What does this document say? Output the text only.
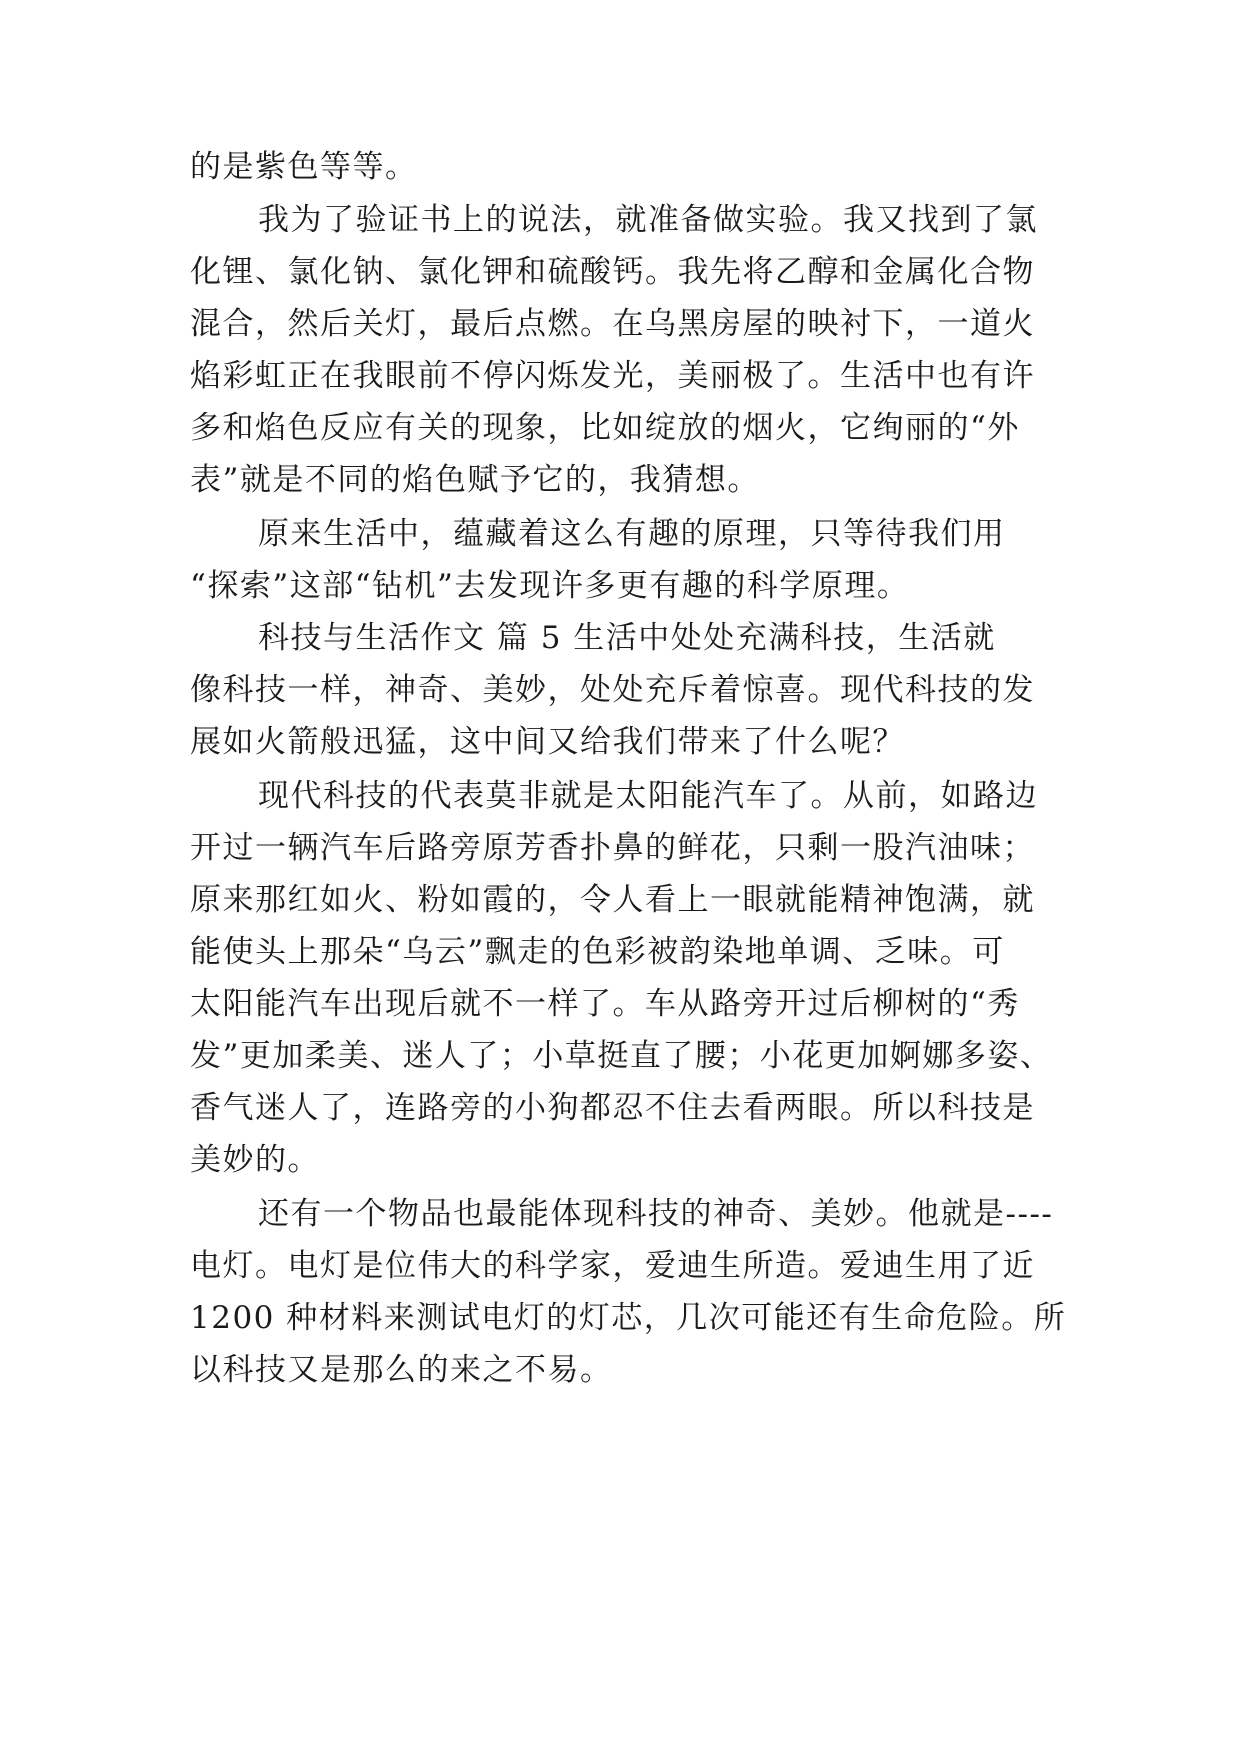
的是紫色等等。
我为了验证书上的说法，就准备做实验。我又找到了氯
化锂、氯化钠、氯化钾和硫酸钙。我先将乙醇和金属化合物
混合，然后关灯，最后点燃。在乌黑房屋的映衬下，一道火
焰彩虹正在我眼前不停闪烁发光，美丽极了。生活中也有许
多和焰色反应有关的现象，比如绽放的烟火，它绚丽的“外
表”就是不同的焰色赋予它的，我猜想。
原来生活中，蕴藏着这么有趣的原理，只等待我们用
“探索”这部“钻机”去发现许多更有趣的科学原理。
科技与生活作文 篇 5 生活中处处充满科技，生活就
像科技一样，神奇、美妙，处处充斥着惊喜。现代科技的发
展如火箭般迅猛，这中间又给我们带来了什么呢？
现代科技的代表莫非就是太阳能汽车了。从前，如路边
开过一辆汽车后路旁原芳香扑鼻的鲜花，只剩一股汽油味；
原来那红如火、粉如霞的，令人看上一眼就能精神饱满，就
能使头上那朵“乌云”飘走的色彩被韵染地单调、乏味。可
太阳能汽车出现后就不一样了。车从路旁开过后柳树的“秀
发”更加柔美、迷人了；小草挺直了腰；小花更加婀娜多姿、
香气迷人了，连路旁的小狗都忍不住去看两眼。所以科技是
美妙的。
还有一个物品也最能体现科技的神奇、美妙。他就是----
电灯。电灯是位伟大的科学家，爱迪生所造。爱迪生用了近
1200 种材料来测试电灯的灯芯，几次可能还有生命危险。所
以科技又是那么的来之不易。
